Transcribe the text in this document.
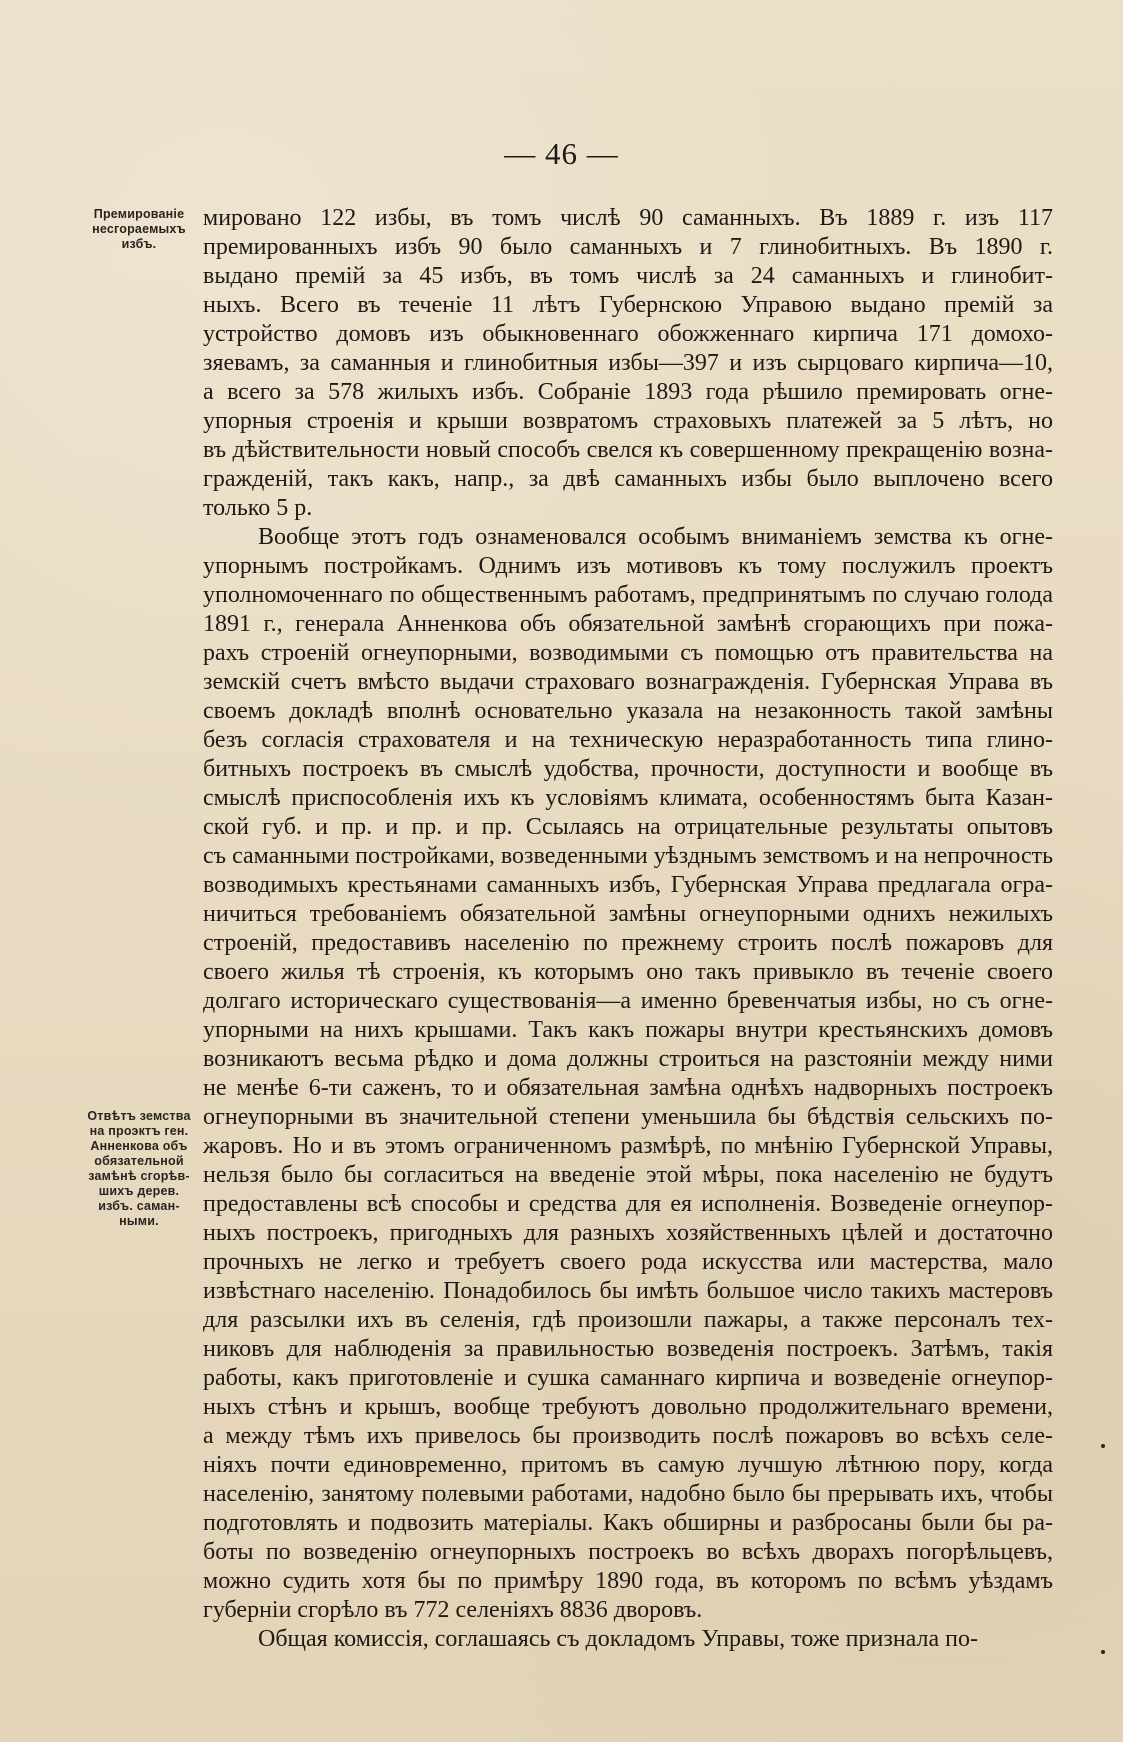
— 46 —
Премированіе
несгораемыхъ
избъ.
Отвѣтъ земства
на проэктъ ген.
Анненкова объ
обязательной
замѣнѣ сгорѣв-
шихъ дерев.
избъ. саман-
ными.
мировано 122 избы, въ томъ числѣ 90 саманныхъ. Въ 1889 г. изъ 117
премированныхъ избъ 90 было саманныхъ и 7 глинобитныхъ. Въ 1890 г.
выдано премій за 45 избъ, въ томъ числѣ за 24 саманныхъ и глинобит-
ныхъ. Всего въ теченіе 11 лѣтъ Губернскою Управою выдано премій за
устройство домовъ изъ обыкновеннаго обожженнаго кирпича 171 домохо-
зяевамъ, за саманныя и глинобитныя избы—397 и изъ сырцоваго кирпича—10,
а всего за 578 жилыхъ избъ. Собраніе 1893 года рѣшило премировать огне-
упорныя строенія и крыши возвратомъ страховыхъ платежей за 5 лѣтъ, но
въ дѣйствительности новый способъ свелся къ совершенному прекращенію возна-
гражденій, такъ какъ, напр., за двѣ саманныхъ избы было выплочено всего
только 5 р.
Вообще этотъ годъ ознаменовался особымъ вниманіемъ земства къ огне-
упорнымъ постройкамъ. Однимъ изъ мотивовъ къ тому послужилъ проектъ
уполномоченнаго по общественнымъ работамъ, предпринятымъ по случаю голода
1891 г., генерала Анненкова объ обязательной замѣнѣ сгорающихъ при пожа-
рахъ строеній огнеупорными, возводимыми съ помощью отъ правительства на
земскій счетъ вмѣсто выдачи страховаго вознагражденія. Губернская Управа въ
своемъ докладѣ вполнѣ основательно указала на незаконность такой замѣны
безъ согласія страхователя и на техническую неразработанность типа глино-
битныхъ построекъ въ смыслѣ удобства, прочности, доступности и вообще въ
смыслѣ приспособленія ихъ къ условіямъ климата, особенностямъ быта Казан-
ской губ. и пр. и пр. и пр. Ссылаясь на отрицательные результаты опытовъ
съ саманными постройками, возведенными уѣзднымъ земствомъ и на непрочность
возводимыхъ крестьянами саманныхъ избъ, Губернская Управа предлагала огра-
ничиться требованіемъ обязательной замѣны огнеупорными однихъ нежилыхъ
строеній, предоставивъ населенію по прежнему строить послѣ пожаровъ для
своего жилья тѣ строенія, къ которымъ оно такъ привыкло въ теченіе своего
долгаго историческаго существованія—а именно бревенчатыя избы, но съ огне-
упорными на нихъ крышами. Такъ какъ пожары внутри крестьянскихъ домовъ
возникаютъ весьма рѣдко и дома должны строиться на разстояніи между ними
не менѣе 6-ти саженъ, то и обязательная замѣна однѣхъ надворныхъ построекъ
огнеупорными въ значительной степени уменьшила бы бѣдствія сельскихъ по-
жаровъ. Но и въ этомъ ограниченномъ размѣрѣ, по мнѣнію Губернской Управы,
нельзя было бы согласиться на введеніе этой мѣры, пока населенію не будутъ
предоставлены всѣ способы и средства для ея исполненія. Возведеніе огнеупор-
ныхъ построекъ, пригодныхъ для разныхъ хозяйственныхъ цѣлей и достаточно
прочныхъ не легко и требуетъ своего рода искусства или мастерства, мало
извѣстнаго населенію. Понадобилось бы имѣть большое число такихъ мастеровъ
для разсылки ихъ въ селенія, гдѣ произошли пажары, а также персоналъ тех-
никовъ для наблюденія за правильностью возведенія построекъ. Затѣмъ, такія
работы, какъ приготовленіе и сушка саманнаго кирпича и возведеніе огнеупор-
ныхъ стѣнъ и крышъ, вообще требуютъ довольно продолжительнаго времени,
а между тѣмъ ихъ привелось бы производить послѣ пожаровъ во всѣхъ селе-
ніяхъ почти единовременно, притомъ въ самую лучшую лѣтнюю пору, когда
населенію, занятому полевыми работами, надобно было бы прерывать ихъ, чтобы
подготовлять и подвозить матеріалы. Какъ обширны и разбросаны были бы ра-
боты по возведенію огнеупорныхъ построекъ во всѣхъ дворахъ погорѣльцевъ,
можно судить хотя бы по примѣру 1890 года, въ которомъ по всѣмъ уѣздамъ
губерніи сгорѣло въ 772 селеніяхъ 8836 дворовъ.
Общая комиссія, соглашаясь съ докладомъ Управы, тоже признала по-
